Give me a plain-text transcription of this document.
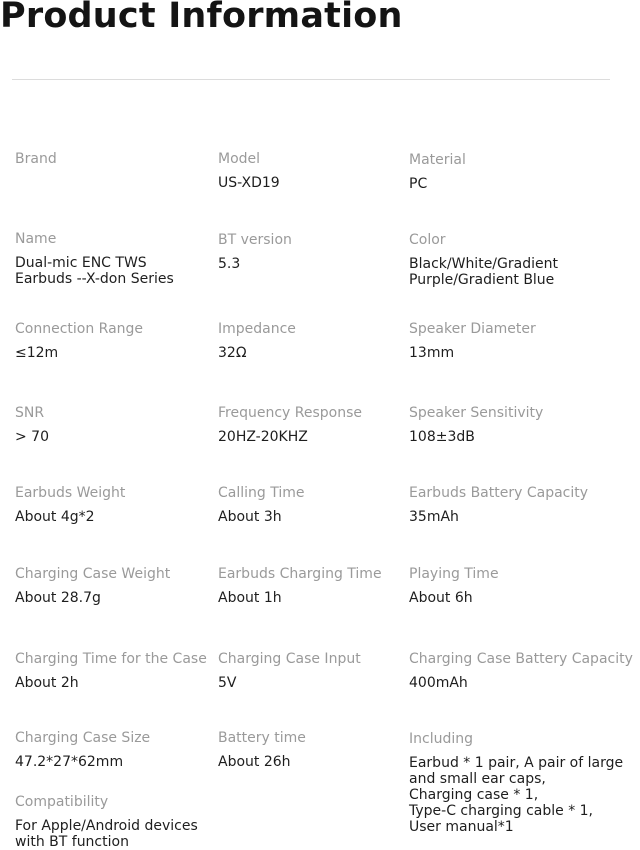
Product Information
Brand	Model
US-XD19
Material
PC
Name
Dual-mic ENC TWS
Earbuds --X-don Series
BT version
5.3
Color
Black/White/Gradient
Purple/Gradient Blue
Connection Range
≤12m
Impedance
32Ω
Speaker Diameter
13mm
SNR
> 70
Frequency Response
20HZ-20KHZ
Speaker Sensitivity
108±3dB
Earbuds Weight
About 4g*2
Calling Time
About 3h
Earbuds Battery Capacity
35mAh
Charging Case Weight
About 28.7g
Earbuds Charging Time
About 1h
Playing Time
About 6h
Charging Time for the Case
About 2h
Charging Case Input
5V
Charging Case Battery Capacity
400mAh
Charging Case Size
47.2*27*62mm
Battery time
About 26h
Including
Earbud * 1 pair, A pair of large
and small ear caps,
Charging case * 1,
Type-C charging cable * 1,
User manual*1
Compatibility
For Apple/Android devices
with BT function
